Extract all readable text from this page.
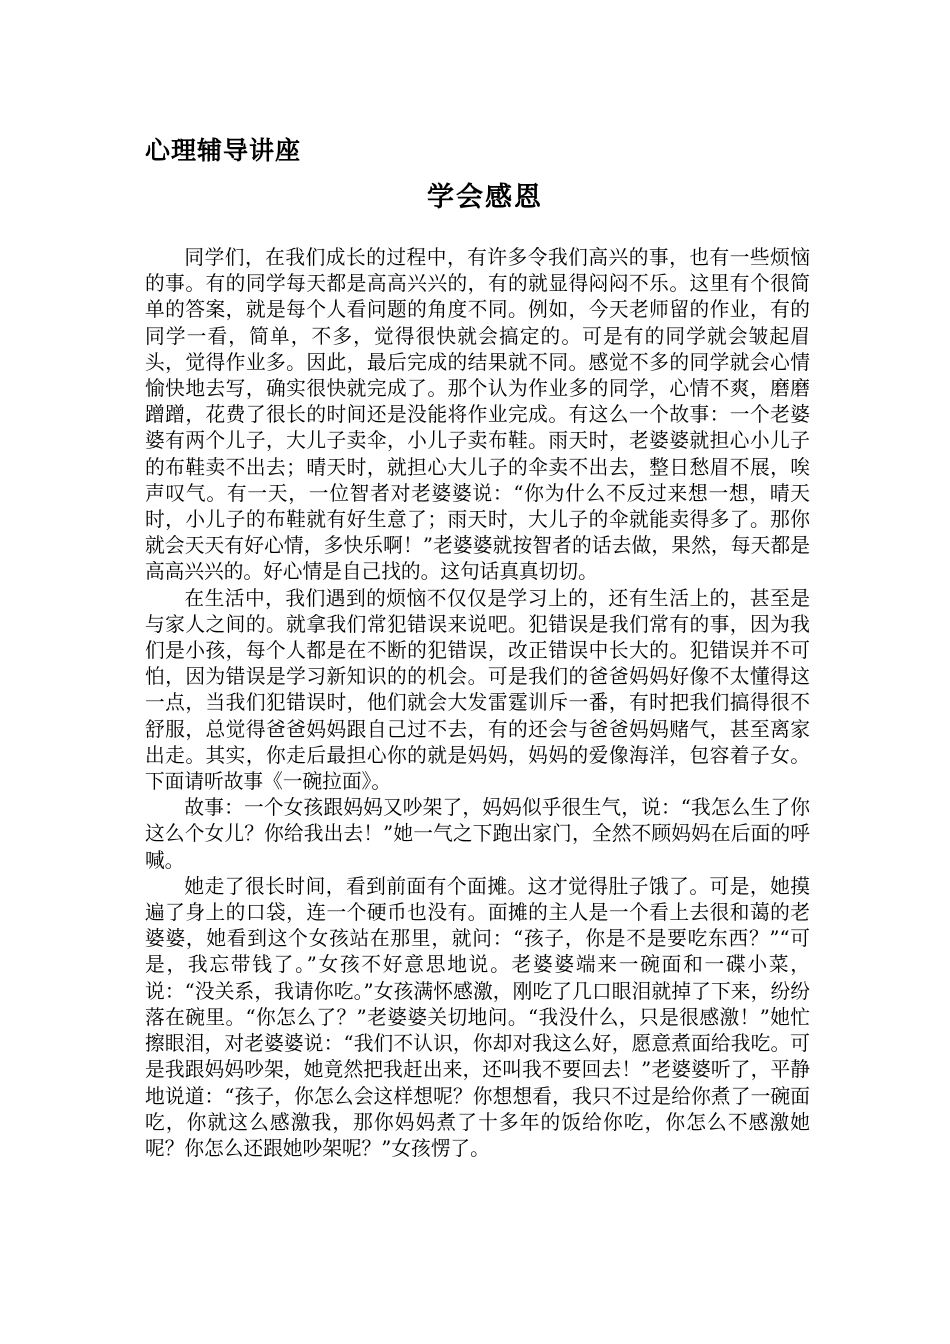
心理辅导讲座
学会感恩

同学们，在我们成长的过程中，有许多令我们高兴的事，也有一些烦恼的事。有的同学每天都是高高兴兴的，有的就显得闷闷不乐。这里有个很简单的答案，就是每个人看问题的角度不同。例如，今天老师留的作业，有的同学一看，简单，不多，觉得很快就会搞定的。可是有的同学就会皱起眉头，觉得作业多。因此，最后完成的结果就不同。感觉不多的同学就会心情愉快地去写，确实很快就完成了。那个认为作业多的同学，心情不爽，磨磨蹭蹭，花费了很长的时间还是没能将作业完成。有这么一个故事：一个老婆婆有两个儿子，大儿子卖伞，小儿子卖布鞋。雨天时，老婆婆就担心小儿子的布鞋卖不出去；晴天时，就担心大儿子的伞卖不出去，整日愁眉不展，唉声叹气。有一天，一位智者对老婆婆说：“你为什么不反过来想一想，晴天时，小儿子的布鞋就有好生意了；雨天时，大儿子的伞就能卖得多了。那你就会天天有好心情，多快乐啊！”老婆婆就按智者的话去做，果然，每天都是高高兴兴的。好心情是自己找的。这句话真真切切。

在生活中，我们遇到的烦恼不仅仅是学习上的，还有生活上的，甚至是与家人之间的。就拿我们常犯错误来说吧。犯错误是我们常有的事，因为我们是小孩，每个人都是在不断的犯错误，改正错误中长大的。犯错误并不可怕，因为错误是学习新知识的的机会。可是我们的爸爸妈妈好像不太懂得这一点，当我们犯错误时，他们就会大发雷霆训斥一番，有时把我们搞得很不舒服，总觉得爸爸妈妈跟自己过不去，有的还会与爸爸妈妈赌气，甚至离家出走。其实，你走后最担心你的就是妈妈，妈妈的爱像海洋，包容着子女。下面请听故事《一碗拉面》。

故事：一个女孩跟妈妈又吵架了，妈妈似乎很生气，说：“我怎么生了你这么个女儿？你给我出去！”她一气之下跑出家门，全然不顾妈妈在后面的呼喊。

她走了很长时间，看到前面有个面摊。这才觉得肚子饿了。可是，她摸遍了身上的口袋，连一个硬币也没有。面摊的主人是一个看上去很和蔼的老婆婆，她看到这个女孩站在那里，就问：“孩子，你是不是要吃东西？”“可是，我忘带钱了。”女孩不好意思地说。老婆婆端来一碗面和一碟小菜，说：“没关系，我请你吃。”女孩满怀感激，刚吃了几口眼泪就掉了下来，纷纷落在碗里。“你怎么了？”老婆婆关切地问。“我没什么，只是很感激！”她忙擦眼泪，对老婆婆说：“我们不认识，你却对我这么好，愿意煮面给我吃。可是我跟妈妈吵架，她竟然把我赶出来，还叫我不要回去！”老婆婆听了，平静地说道：“孩子，你怎么会这样想呢？你想想看，我只不过是给你煮了一碗面吃，你就这么感激我，那你妈妈煮了十多年的饭给你吃，你怎么不感激她呢？你怎么还跟她吵架呢？”女孩愣了。
